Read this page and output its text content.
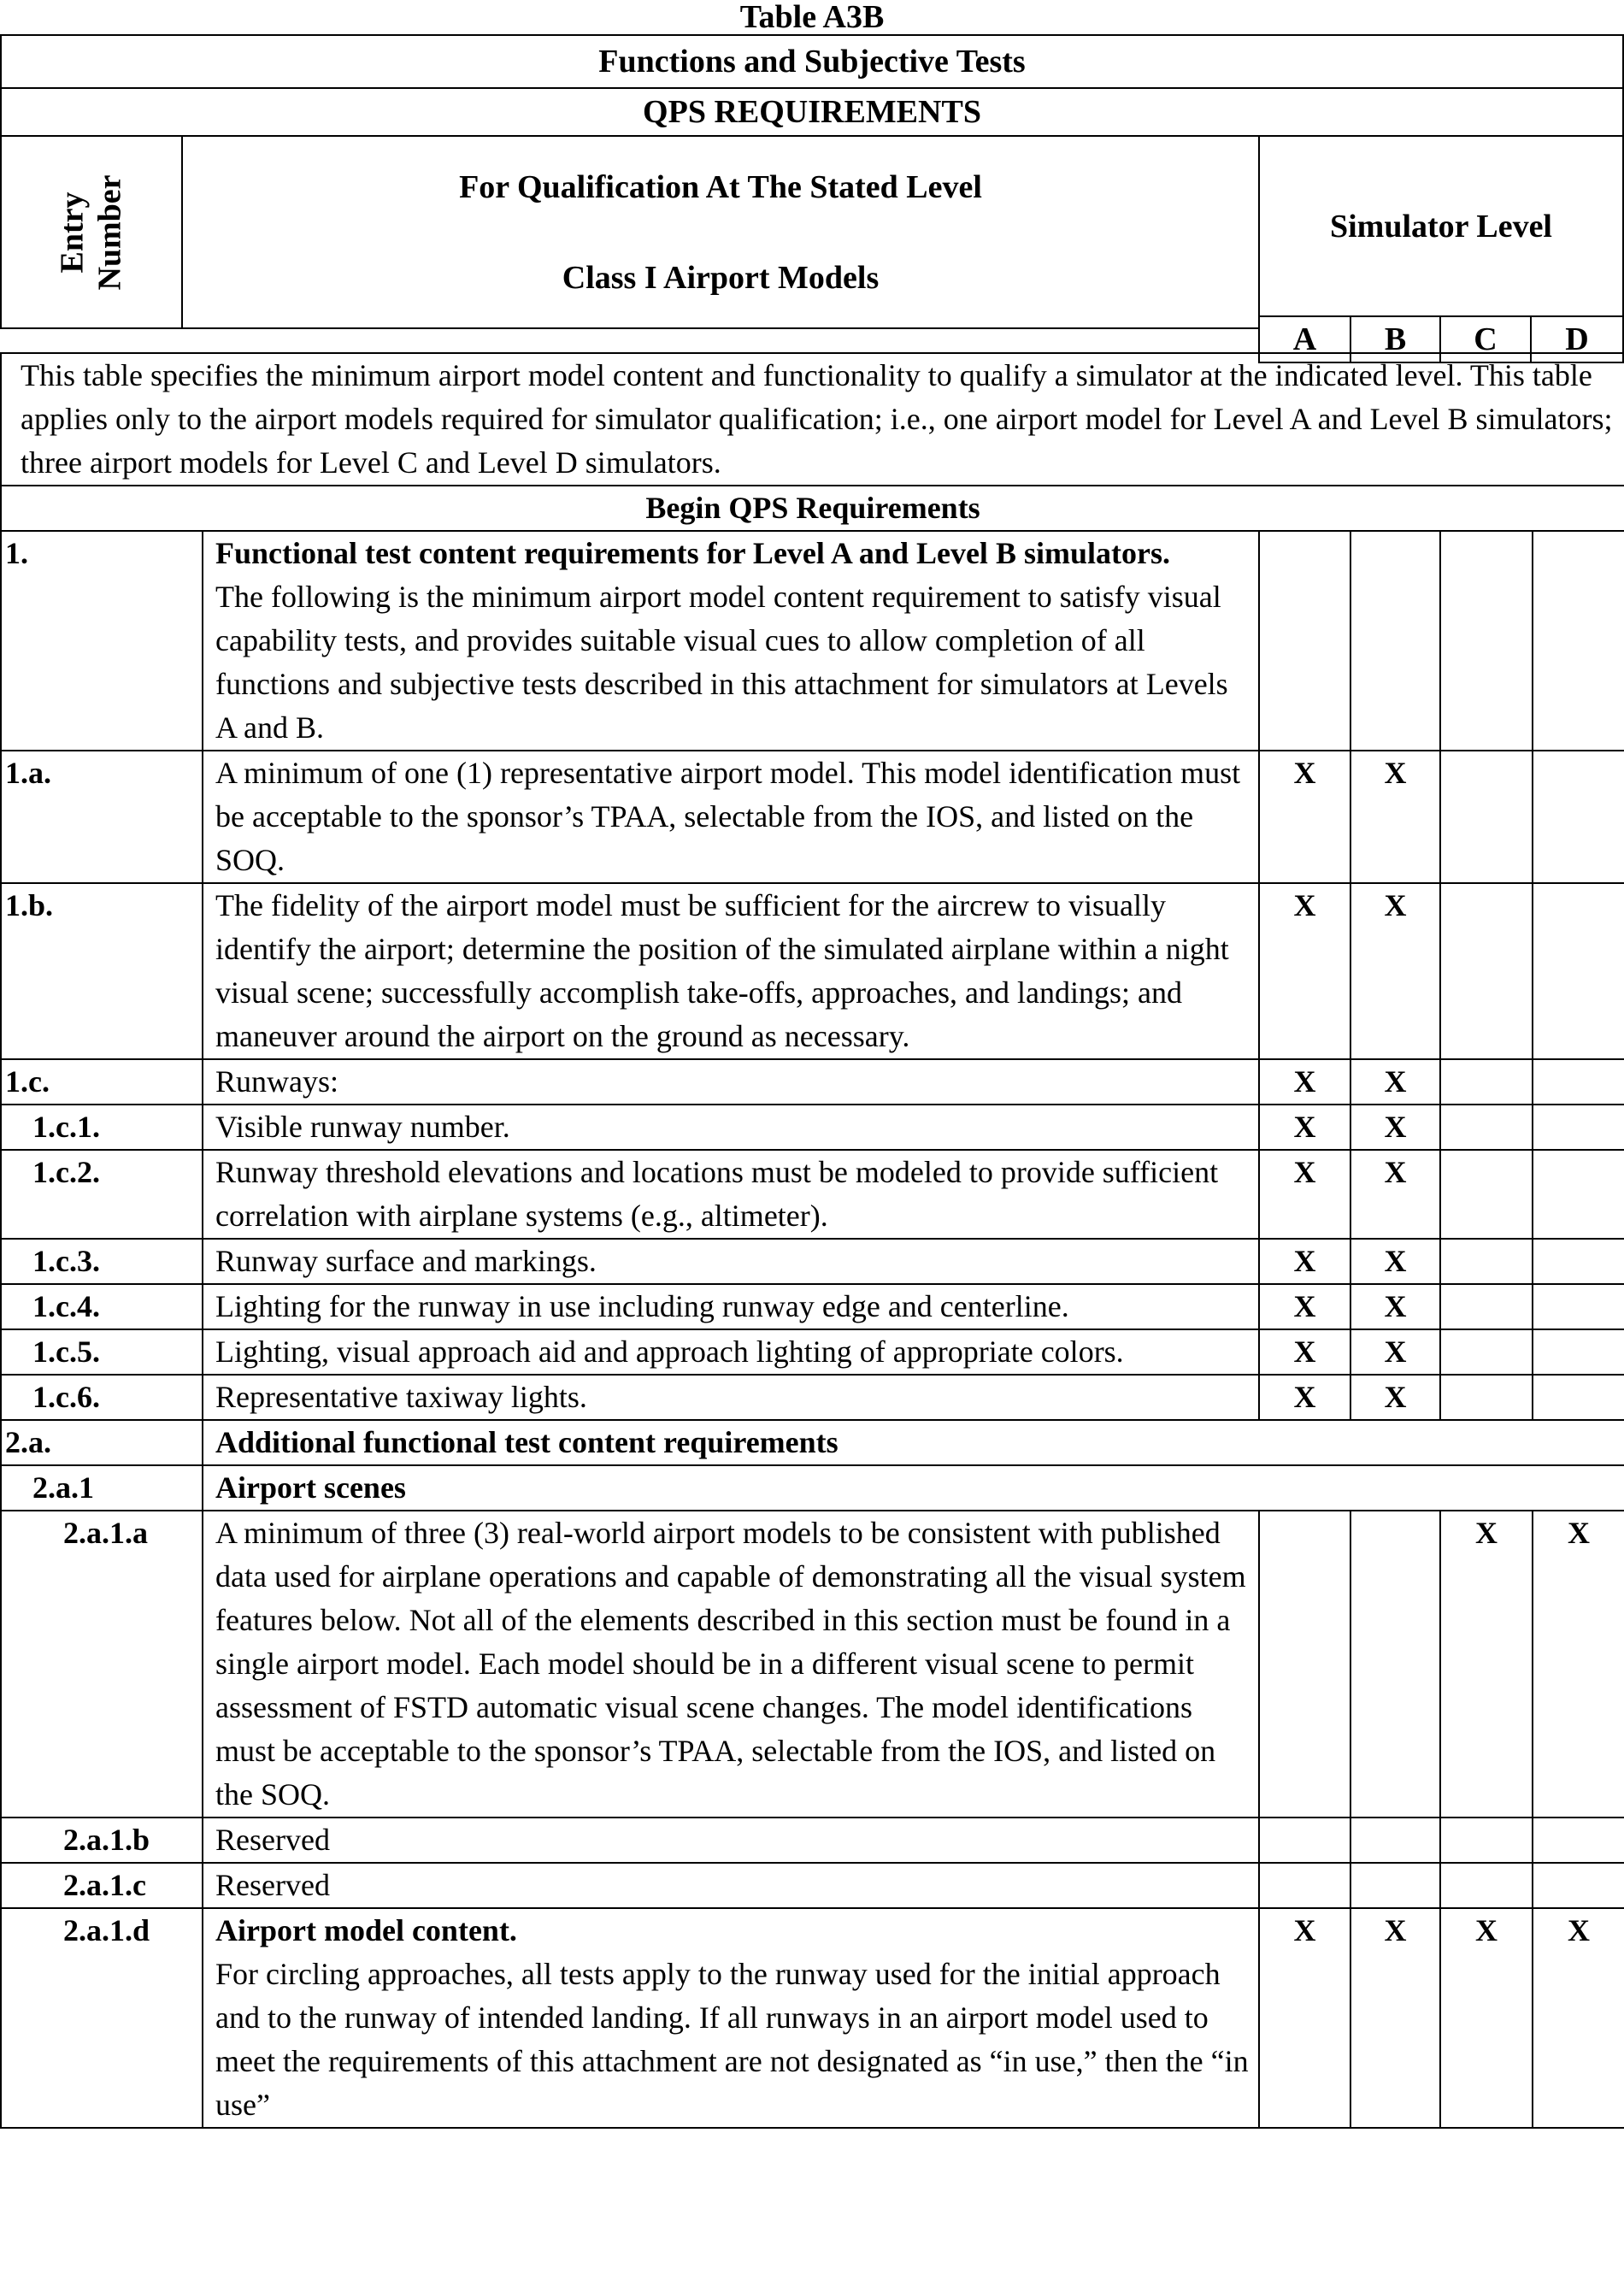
Table A3B
Functions and Subjective Tests
QPS REQUIREMENTS
Entry Number	For Qualification At The Stated Level
Class I Airport Models
Simulator Level
A	B	C	D
This table specifies the minimum airport model content and functionality to qualify a simulator at the indicated level. This table applies only to the airport models required for simulator qualification; i.e., one airport model for Level A and Level B simulators; three airport models for Level C and Level D simulators.					
Begin QPS Requirements					
1.	Functional test content requirements for Level A and Level B simulators.
The following is the minimum airport model content requirement to satisfy visual capability tests, and provides suitable visual cues to allow completion of all functions and subjective tests described in this attachment for simulators at Levels A and B.				

1.a.	A minimum of one (1) representative airport model. This model identification must be acceptable to the sponsor’s TPAA, selectable from the IOS, and listed on the SOQ.	X	X		
1.b.	The fidelity of the airport model must be sufficient for the aircrew to visually identify the airport; determine the position of the simulated airplane within a night visual scene; successfully accomplish take-offs, approaches, and landings; and maneuver around the airport on the ground as necessary.	X	X		
1.c.	Runways:	X	X		
1.c.1.	Visible runway number.	X	X		
1.c.2.	Runway threshold elevations and locations must be modeled to provide sufficient correlation with airplane systems (e.g., altimeter).	X	X		
1.c.3.	Runway surface and markings.	X	X		
1.c.4.	Lighting for the runway in use including runway edge and centerline.	X	X		
1.c.5.	Lighting, visual approach aid and approach lighting of appropriate colors.	X	X		
1.c.6.	Representative taxiway lights.	X	X		
2.a.	Additional functional test content requirements				

2.a.1	Airport scenes				

2.a.1.a	A minimum of three (3) real-world airport models to be consistent with published data used for airplane operations and capable of demonstrating all the visual system features below. Not all of the elements described in this section must be found in a single airport model. Each model should be in a different visual scene to permit assessment of FSTD automatic visual scene changes. The model identifications must be acceptable to the sponsor’s TPAA, selectable from the IOS, and listed on the SOQ.			X	X
2.a.1.b	Reserved				

2.a.1.c	Reserved				

2.a.1.d	Airport model content.
For circling approaches, all tests apply to the runway used for the initial approach and to the runway of intended landing. If all runways in an airport model used to meet the requirements of this attachment are not designated as “in use,” then the “in use”	X	X	X	X
